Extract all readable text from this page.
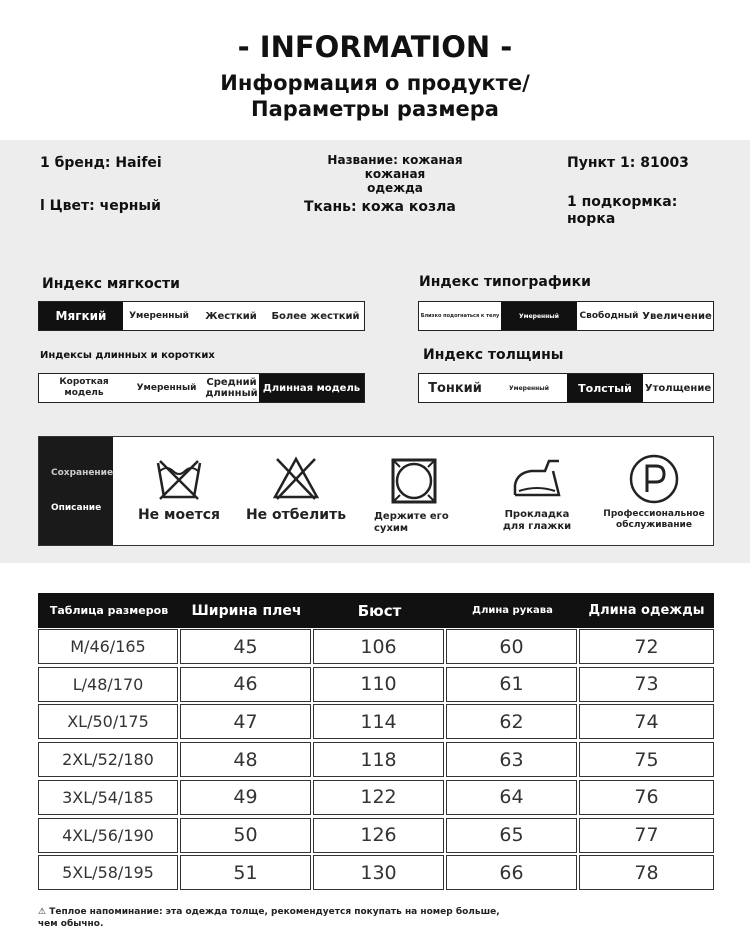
- INFORMATION -
Информация о продукте/
Параметры размера
1 бренд: Haifei	Название: кожаная кожаная
одежда
Пункт 1: 81003
l Цвет: черный	Ткань: кожа козла	1 подкормка:
норка
Индекс мягкости
Мягкий	Умеренный	Жесткий	Более жесткий
Индекс типографики
Близко подогнаться к телу	Умеренный	Свободный Увеличение
Индексы длинных и коротких
Короткая модель
Умеренный Средний длинный Длинная модель
Индекс толщины
Тонкий	Умеренный	Толстый	Утолщение
Сохранение
Описание	Не моется	Не отбелить	Держите его
сухим
Прокладка
для глажки
Профессиональное
обслуживание
Таблица размеров	Ширина плеч	Бюст	Длина рукава	Длина одежды
M/46/165	45	106	60	72
L/48/170	46	110	61	73
XL/50/175	47	114	62	74
2XL/52/180	48	118	63	75
3XL/54/185	49	122	64	76
4XL/56/190	50	126	65	77
5XL/58/195	51	130	66	78
⚠ Теплое напоминание: эта одежда толще, рекомендуется покупать на номер больше,
чем обычно.
